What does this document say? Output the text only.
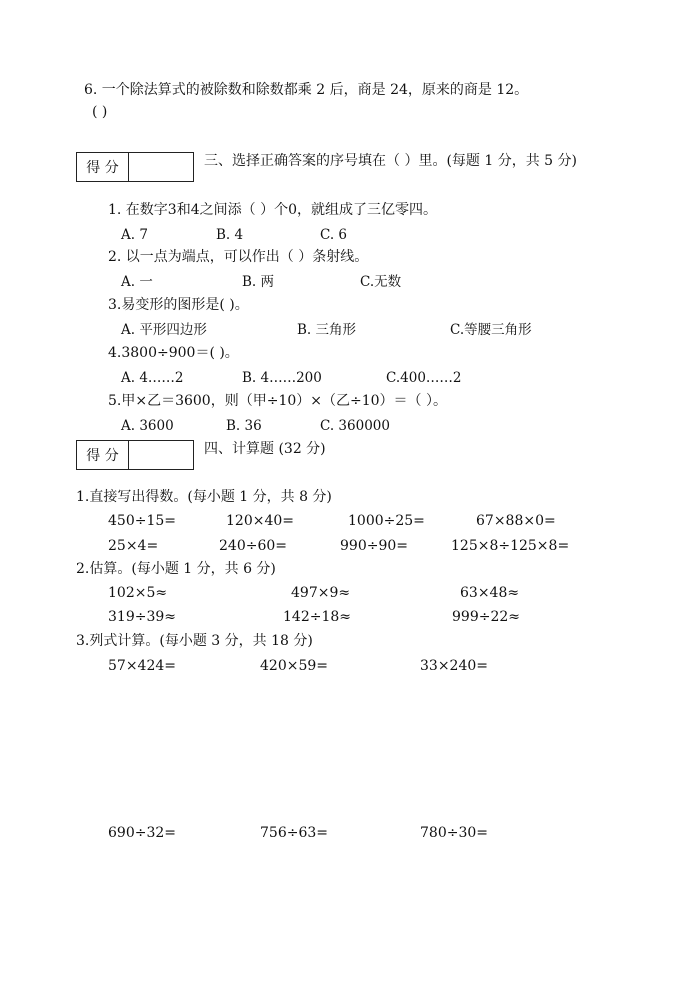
6. 一个除法算式的被除数和除数都乘 2 后，商是 24，原来的商是 12。
( )
得 分	三、选择正确答案的序号填在（ ）里。(每题 1 分，共 5 分)
1. 在数字3和4之间添（ ）个0，就组成了三亿零四。
A. 7	B. 4	C. 6
2. 以一点为端点，可以作出（ ）条射线。
A. 一	B. 两	C.无数
3.易变形的图形是( )。
A. 平形四边形	B. 三角形	C.等腰三角形
4.3800÷900＝( )。
A. 4……2	B. 4……200	C.400……2
5.甲×乙＝3600，则（甲÷10）×（乙÷10）＝（ ）。
A. 3600	B. 36	C. 360000
得 分	四、计算题 (32 分)
1.直接写出得数。(每小题 1 分，共 8 分)
450÷15=	120×40=	1000÷25=	67×88×0=
25×4=	240÷60=	990÷90=	125×8÷125×8=
2.估算。(每小题 1 分，共 6 分)
102×5≈	497×9≈	63×48≈
319÷39≈	142÷18≈	999÷22≈
3.列式计算。(每小题 3 分，共 18 分)
57×424=	420×59=	33×240=
690÷32=	756÷63=	780÷30=
